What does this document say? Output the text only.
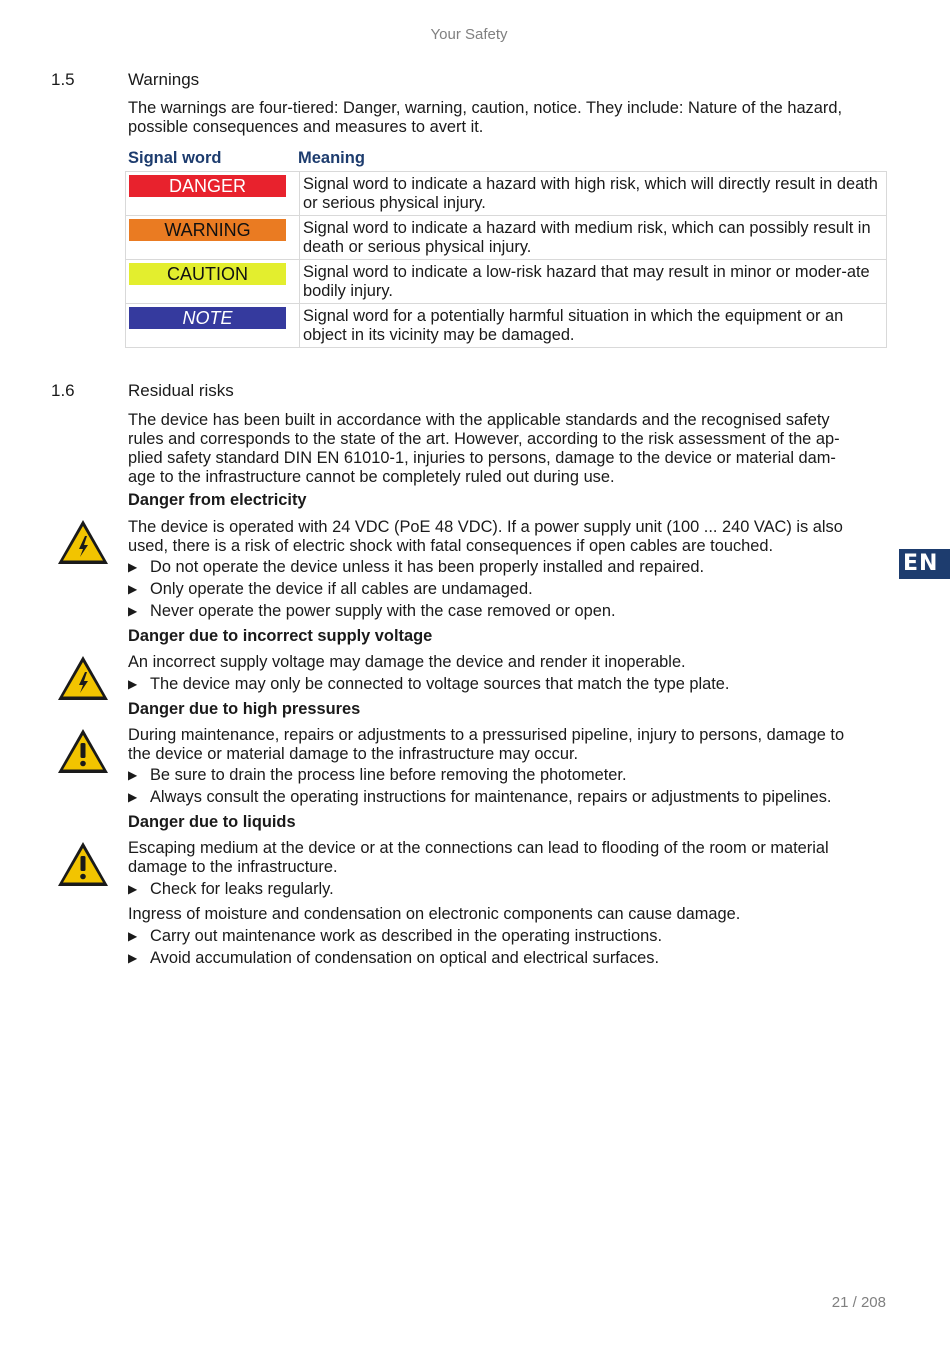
Your Safety
EN
1.5	Warnings
The warnings are four-tiered: Danger, warning, caution, notice. They include: Nature of the hazard,
possible consequences and measures to avert it.
Signal word	Meaning
DANGER	Signal word to indicate a hazard with high risk, which will directly result in death or serious physical injury.

WARNING	Signal word to indicate a hazard with medium risk, which can possibly result in death or serious physical injury.

CAUTION	Signal word to indicate a low-risk hazard that may result in minor or moder-ate bodily injury.

NOTE	Signal word for a potentially harmful situation in which the equipment or an object in its vicinity may be damaged.
1.6	Residual risks
The device has been built in accordance with the applicable standards and the recognised safety
rules and corresponds to the state of the art. However, according to the risk assessment of the ap-
plied safety standard DIN EN 61010-1, injuries to persons, damage to the device or material dam-
age to the infrastructure cannot be completely ruled out during use.
Danger from electricity
The device is operated with 24 VDC (PoE 48 VDC). If a power supply unit (100 ... 240 VAC) is also
used, there is a risk of electric shock with fatal consequences if open cables are touched.
▶ Do not operate the device unless it has been properly installed and repaired.
▶ Only operate the device if all cables are undamaged.
▶ Never operate the power supply with the case removed or open.
Danger due to incorrect supply voltage
An incorrect supply voltage may damage the device and render it inoperable.
▶ The device may only be connected to voltage sources that match the type plate.
Danger due to high pressures
During maintenance, repairs or adjustments to a pressurised pipeline, injury to persons, damage to
the device or material damage to the infrastructure may occur.
▶ Be sure to drain the process line before removing the photometer.
▶ Always consult the operating instructions for maintenance, repairs or adjustments to pipelines.
Danger due to liquids
Escaping medium at the device or at the connections can lead to flooding of the room or material
damage to the infrastructure.
▶ Check for leaks regularly.
Ingress of moisture and condensation on electronic components can cause damage.
▶ Carry out maintenance work as described in the operating instructions.
▶ Avoid accumulation of condensation on optical and electrical surfaces.
21 / 208
